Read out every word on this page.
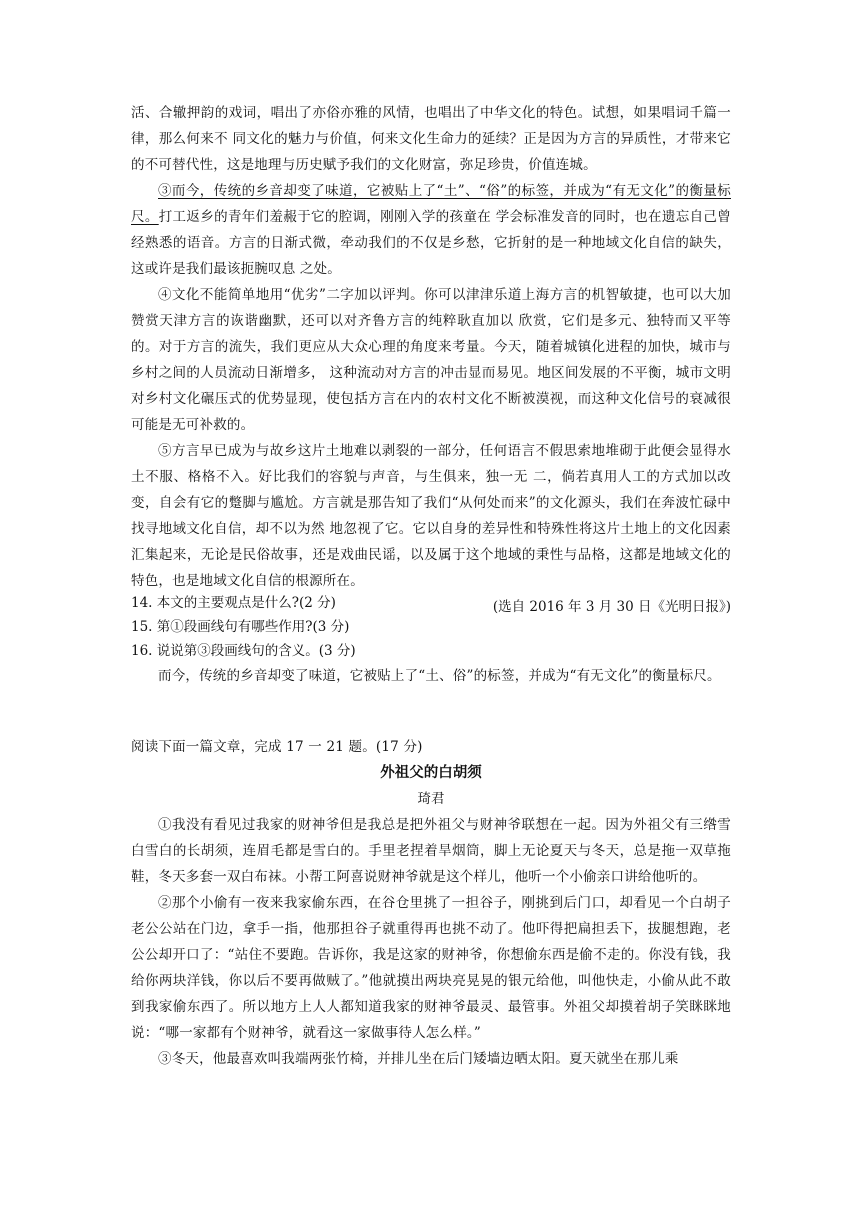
活、合辙押韵的戏词，唱出了亦俗亦雅的风情，也唱出了中华文化的特色。试想，如果唱词千篇一律，那么何来不 同文化的魅力与价值，何来文化生命力的延续？正是因为方言的异质性，才带来它的不可替代性，这是地理与历史赋予我们的文化财富，弥足珍贵，价值连城。

③而今，传统的乡音却变了味道，它被贴上了“土”、“俗”的标签，并成为“有无文化”的衡量标尺。打工返乡的青年们羞赧于它的腔调，刚刚入学的孩童在 学会标准发音的同时，也在遗忘自己曾经熟悉的语音。方言的日渐式微，牵动我们的不仅是乡愁，它折射的是一种地域文化自信的缺失，这或许是我们最该扼腕叹息 之处。

④文化不能简单地用“优劣”二字加以评判。你可以津津乐道上海方言的机智敏捷，也可以大加赞赏天津方言的诙谐幽默，还可以对齐鲁方言的纯粹耿直加以 欣赏，它们是多元、独特而又平等的。对于方言的流失，我们更应从大众心理的角度来考量。今天，随着城镇化进程的加快，城市与乡村之间的人员流动日渐增多， 这种流动对方言的冲击显而易见。地区间发展的不平衡，城市文明对乡村文化碾压式的优势显现，使包括方言在内的农村文化不断被漠视，而这种文化信号的衰减很 可能是无可补救的。

⑤方言早已成为与故乡这片土地难以剥裂的一部分，任何语言不假思索地堆砌于此便会显得水土不服、格格不入。好比我们的容貌与声音，与生俱来，独一无 二，倘若真用人工的方式加以改变，自会有它的蹩脚与尴尬。方言就是那告知了我们“从何处而来”的文化源头，我们在奔波忙碌中找寻地域文化自信，却不以为然 地忽视了它。它以自身的差异性和特殊性将这片土地上的文化因素汇集起来，无论是民俗故事，还是戏曲民谣，以及属于这个地域的秉性与品格，这都是地域文化的 特色，也是地域文化自信的根源所在。

(选自 2016 年 3 月 30 日《光明日报》)

14. 本文的主要观点是什么?(2 分)

15. 第①段画线句有哪些作用?(3 分)

16. 说说第③段画线句的含义。(3 分)

而今，传统的乡音却变了味道，它被贴上了“土、俗”的标签，并成为“有无文化”的衡量标尺。

阅读下面一篇文章，完成 17 一 21 题。(17 分)

外祖父的白胡须

琦君

①我没有看见过我家的财神爷但是我总是把外祖父与财神爷联想在一起。因为外祖父有三绺雪白雪白的长胡须，连眉毛都是雪白的。手里老捏着旱烟筒，脚上无论夏天与冬天，总是拖一双草拖鞋，冬天多套一双白布袜。小帮工阿喜说财神爷就是这个样儿，他听一个小偷亲口讲给他听的。

②那个小偷有一夜来我家偷东西，在谷仓里挑了一担谷子，刚挑到后门口，却看见一个白胡子老公公站在门边，拿手一指，他那担谷子就重得再也挑不动了。他吓得把扁担丢下，拔腿想跑，老公公却开口了：“站住不要跑。告诉你，我是这家的财神爷，你想偷东西是偷不走的。你没有钱，我给你两块洋钱，你以后不要再做贼了。”他就摸出两块亮晃晃的银元给他，叫他快走，小偷从此不敢到我家偷东西了。所以地方上人人都知道我家的财神爷最灵、最管事。外祖父却摸着胡子笑眯眯地说：“哪一家都有个财神爷，就看这一家做事待人怎么样。”

③冬天，他最喜欢叫我端两张竹椅，并排儿坐在后门矮墙边晒太阳。夏天就坐在那儿乘
